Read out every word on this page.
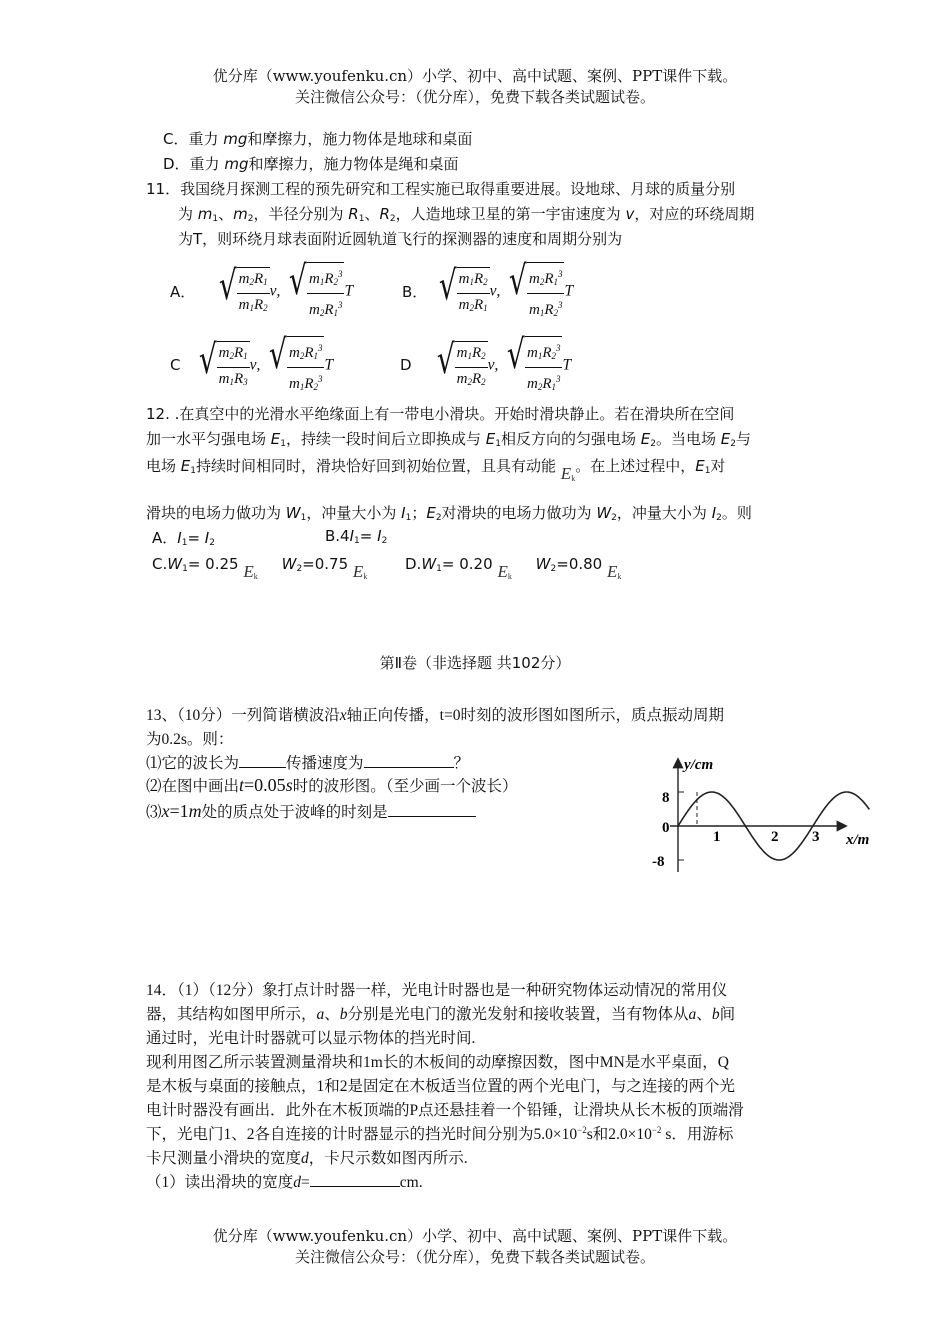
优分库（www.youfenku.cn）小学、初中、高中试题、案例、PPT课件下载。
关注微信公众号：（优分库），免费下载各类试题试卷。
C．重力 mg和摩擦力，施力物体是地球和桌面
D．重力 mg和摩擦力，施力物体是绳和桌面
11．我国绕月探测工程的预先研究和工程实施已取得重要进展。设地球、月球的质量分别
为 $m_1$、$m_2$，半径分别为 $R_1$、$R_2$，人造地球卫星的第一宇宙速度为 v，对应的环绕周期
为T，则环绕月球表面附近圆轨道飞行的探测器的速度和周期分别为
A． √ $\frac{m_2R_1}{m_1R_2} v$, √ $\frac{m_1R_2^3}{m_2R_1^3}$ T	B． √ $\frac{m_1R_2}{m_2R_1} v$, √ $\frac{m_2R_1^3}{m_1R_2^3}$ T
C √ $\frac{m_2R_1}{m_1R_3} v$, √ $\frac{m_2R_1^3}{m_1R_2^3}$ T	D √ $\frac{m_1R_2}{m_2R_2} v$, √ $\frac{m_1R_2^3}{m_2R_1^3}$ T
12. .在真空中的光滑水平绝缘面上有一带电小滑块。开始时滑块静止。若在滑块所在空间
加一水平匀强电场 $E_1$，持续一段时间后立即换成与 $E_1$相反方向的匀强电场 $E_2$。当电场 $E_2$与
电场 $E_1$持续时间相同时，滑块恰好回到初始位置，且具有动能 $E_k$。在上述过程中，$E_1$对
滑块的电场力做功为 $W_1$，冲量大小为 $I_1$；$E_2$对滑块的电场力做功为 $W_2$，冲量大小为 $I_2$。则
A．$I_1= I_2$	$B.4I_1= I_2$
$C.W_1= 0.25$ $E_k$     $W_2=0.75$ $E_k$
$D.W_1= 0.20$ $E_k$     $W_2=0.80$ $E_k$
第Ⅱ卷（非选择题 共102分）
13、（10分）一列简谐横波沿x轴正向传播，t=0时刻的波形图如图所示，质点振动周期
为0.2s。则：
⑴它的波长为	传播速度为	？
⑵在图中画出t=0.05s时的波形图。（至少画一个波长）
⑶x=1m处的质点处于波峰的时刻是
y/cm
x/m
8
0
-8
1	2 3
14．（1）（12分）象打点计时器一样，光电计时器也是一种研究物体运动情况的常用仪
器，其结构如图甲所示，a、b分别是光电门的激光发射和接收装置，当有物体从a、b间
通过时，光电计时器就可以显示物体的挡光时间.
现利用图乙所示装置测量滑块和1m长的木板间的动摩擦因数，图中MN是水平桌面，Q
是木板与桌面的接触点，1和2是固定在木板适当位置的两个光电门，与之连接的两个光
电计时器没有画出．此外在木板顶端的P点还悬挂着一个铅锤，让滑块从长木板的顶端滑
下，光电门1、2各自连接的计时器显示的挡光时间分别为$5.0\times 10^{-2}s$和$2.0\times 10^{-2}$ s．用游标
卡尺测量小滑块的宽度d，卡尺示数如图丙所示.
（1）读出滑块的宽度d=	cm.
优分库（www.youfenku.cn）小学、初中、高中试题、案例、PPT课件下载。
关注微信公众号：（优分库），免费下载各类试题试卷。
